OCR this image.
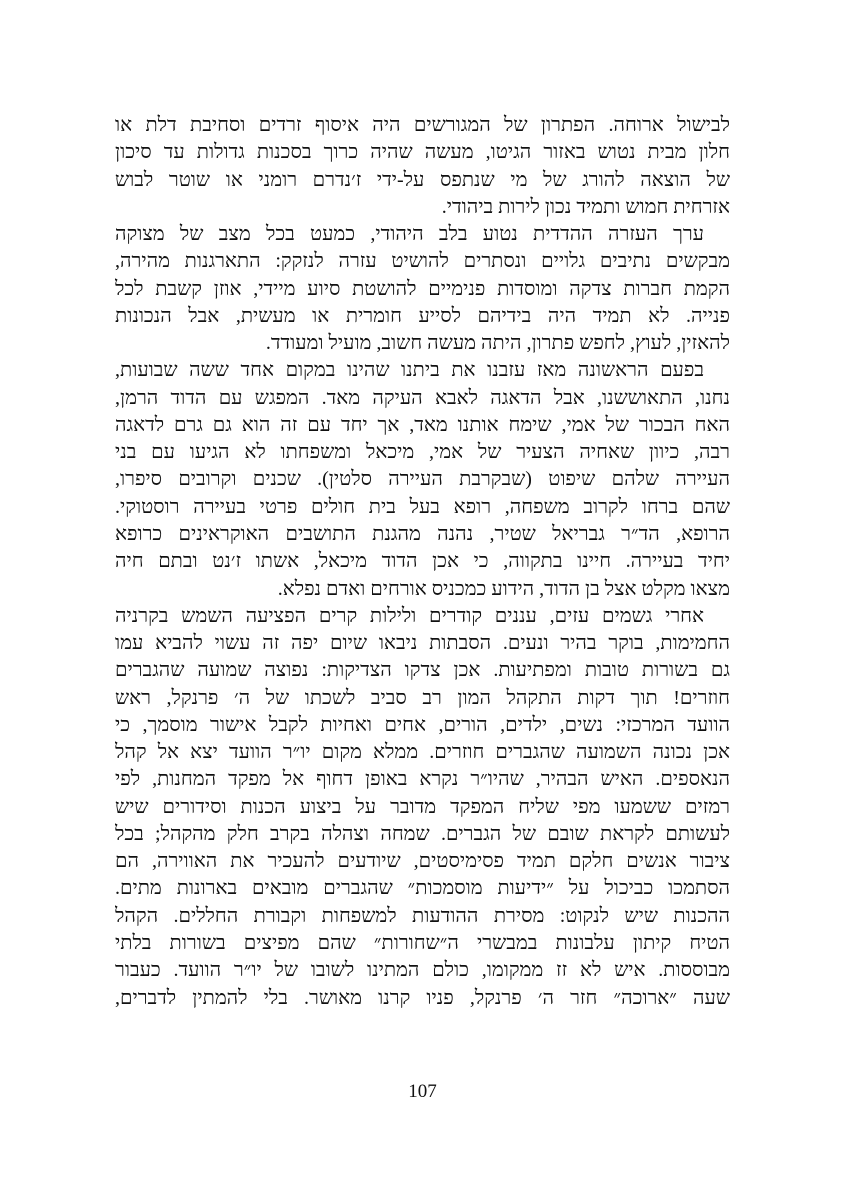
לבישול ארוחה. הפתרון של המגורשים היה איסוף זרדים וסחיבת דלת או
חלון מבית נטוש באזור הגיטו, מעשה שהיה כרוך בסכנות גדולות עד סיכון
של הוצאה להורג של מי שנתפס על-ידי ז׳נדרם רומני או שוטר לבוש
אזרחית חמוש ותמיד נכון לירות ביהודי.
ערך העזרה ההדדית נטוע בלב היהודי, כמעט בכל מצב של מצוקה
מבקשים נתיבים גלויים ונסתרים להושיט עזרה לנזקק: התארגנות מהירה,
הקמת חברות צדקה ומוסדות פנימיים להושטת סיוע מיידי, אוזן קשבת לכל
פנייה. לא תמיד היה בידיהם לסייע חומרית או מעשית, אבל הנכונות
להאזין, לעוץ, לחפש פתרון, היתה מעשה חשוב, מועיל ומעודד.
בפעם הראשונה מאז עזבנו את ביתנו שהינו במקום אחד ששה שבועות,
נחנו, התאוששנו, אבל הדאגה לאבא העיקה מאד. המפגש עם הדוד הרמן,
האח הבכור של אמי, שימח אותנו מאד, אך יחד עם זה הוא גם גרם לדאגה
רבה, כיוון שאחיה הצעיר של אמי, מיכאל ומשפחתו לא הגיעו עם בני
העיירה שלהם שיפוט (שבקרבת העיירה סלטין). שכנים וקרובים סיפרו,
שהם ברחו לקרוב משפחה, רופא בעל בית חולים פרטי בעיירה רוסטוקי.
הרופא, הד״ר גבריאל שטיר, נהנה מהגנת התושבים האוקראינים כרופא
יחיד בעיירה. חיינו בתקווה, כי אכן הדוד מיכאל, אשתו ז׳נט ובתם חיה
מצאו מקלט אצל בן הדוד, הידוע כמכניס אורחים ואדם נפלא.
אחרי גשמים עזים, עננים קודרים ולילות קרים הפציעה השמש בקרניה
החמימות, בוקר בהיר ונעים. הסבתות ניבאו שיום יפה זה עשוי להביא עמו
גם בשורות טובות ומפתיעות. אכן צדקו הצדיקות: נפוצה שמועה שהגברים
חוזרים! תוך דקות התקהל המון רב סביב לשכתו של ה׳ פרנקל, ראש
הוועד המרכזי: נשים, ילדים, הורים, אחים ואחיות לקבל אישור מוסמך, כי
אכן נכונה השמועה שהגברים חוזרים. ממלא מקום יו״ר הוועד יצא אל קהל
הנאספים. האיש הבהיר, שהיו״ר נקרא באופן דחוף אל מפקד המחנות, לפי
רמזים ששמעו מפי שליח המפקד מדובר על ביצוע הכנות וסידורים שיש
לעשותם לקראת שובם של הגברים. שמחה וצהלה בקרב חלק מהקהל; בכל
ציבור אנשים חלקם תמיד פסימיסטים, שיודעים להעכיר את האווירה, הם
הסתמכו כביכול על ״ידיעות מוסמכות״ שהגברים מובאים בארונות מתים.
ההכנות שיש לנקוט: מסירת ההודעות למשפחות וקבורת החללים. הקהל
הטיח קיתון עלבונות במבשרי ה״שחורות״ שהם מפיצים בשורות בלתי
מבוססות. איש לא זז ממקומו, כולם המתינו לשובו של יו״ר הוועד. כעבור
שעה ״ארוכה״ חזר ה׳ פרנקל, פניו קרנו מאושר. בלי להמתין לדברים,
107
